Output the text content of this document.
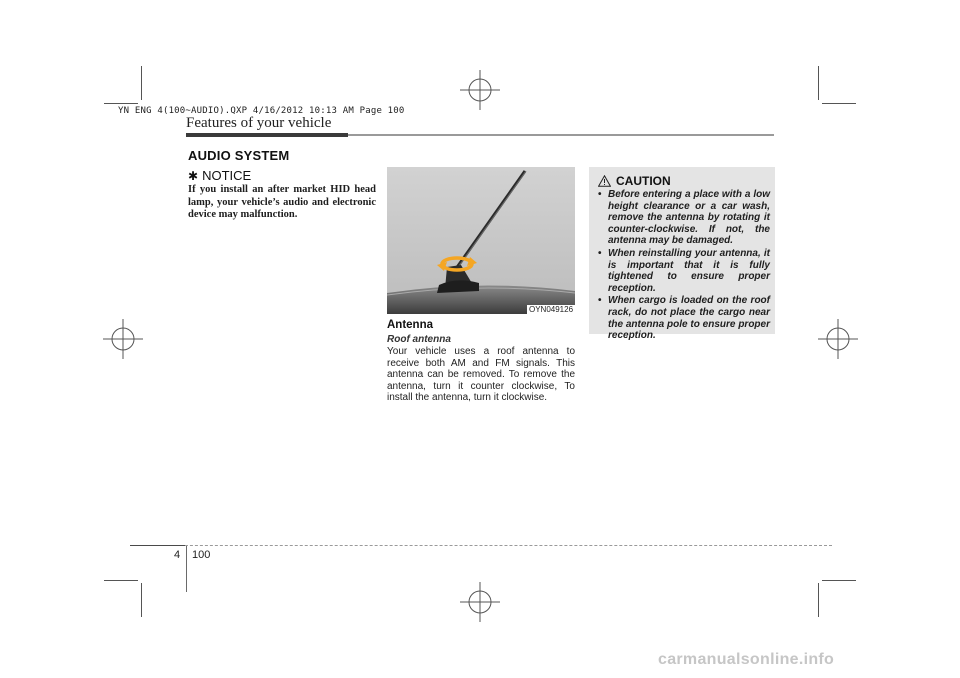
YN ENG 4(100~AUDIO).QXP 4/16/2012 10:13 AM Page 100
Features of your vehicle
AUDIO SYSTEM
✱ NOTICE
If you install an after market HID head lamp, your vehicle’s audio and electronic device may malfunction.
OYN049126
Antenna
Roof antenna
Your vehicle uses a roof antenna to receive both AM and FM signals. This antenna can be removed. To remove the antenna, turn it counter clockwise, To install the antenna, turn it clockwise.
CAUTION
• Before entering a place with a low height clearance or a car wash, remove the antenna by rotating it counter-clockwise. If not, the antenna may be damaged.
• When reinstalling your antenna, it is important that it is fully tightened to ensure proper reception.
• When cargo is loaded on the roof rack, do not place the cargo near the antenna pole to ensure proper reception.
4 100
carmanualsonline.info
